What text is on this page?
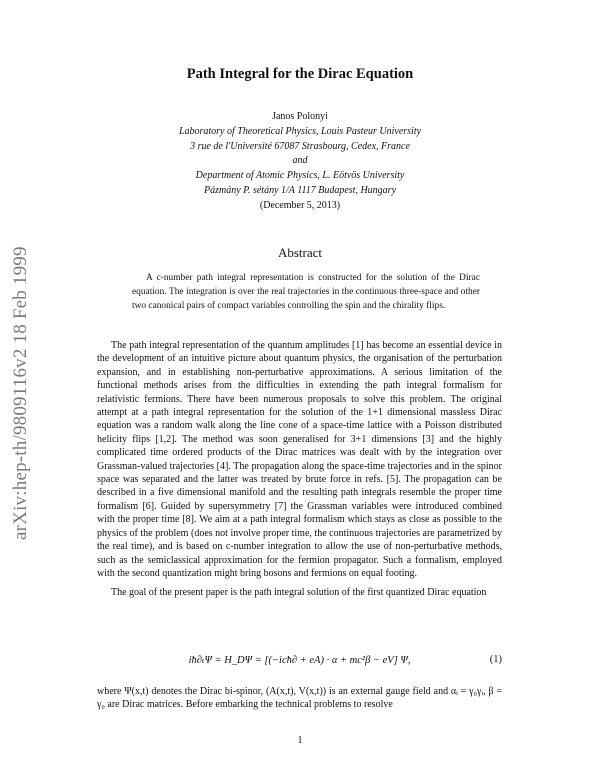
arXiv:hep-th/9809116v2 18 Feb 1999
Path Integral for the Dirac Equation
Janos Polonyi
Laboratory of Theoretical Physics, Louis Pasteur University
3 rue de l'Université 67087 Strasbourg, Cedex, France
and
Department of Atomic Physics, L. Eötvös University
Pázmány P. sétány 1/A 1117 Budapest, Hungary
(December 5, 2013)
Abstract

A c-number path integral representation is constructed for the solution of the Dirac equation. The integration is over the real trajectories in the continuous three-space and other two canonical pairs of compact variables controlling the spin and the chirality flips.

The path integral representation of the quantum amplitudes [1] has become an essential device in the development of an intuitive picture about quantum physics, the organisation of the perturbation expansion, and in establishing non-perturbative approximations. A serious limitation of the functional methods arises from the difficulties in extending the path integral formalism for relativistic fermions. There have been numerous proposals to solve this problem. The original attempt at a path integral representation for the solution of the 1+1 dimensional massless Dirac equation was a random walk along the line cone of a space-time lattice with a Poisson distributed helicity flips [1,2]. The method was soon generalised for 3+1 dimensions [3] and the highly complicated time ordered products of the Dirac matrices was dealt with by the integration over Grassman-valued trajectories [4]. The propagation along the space-time trajectories and in the spinor space was separated and the latter was treated by brute force in refs. [5]. The propagation can be described in a five dimensional manifold and the resulting path integrals resemble the proper time formalism [6]. Guided by supersymmetry [7] the Grassman variables were introduced combined with the proper time [8]. We aim at a path integral formalism which stays as close as possible to the physics of the problem (does not involve proper time, the continuous trajectories are parametrized by the real time), and is based on c-number integration to allow the use of non-perturbative methods, such as the semiclassical approximation for the fermion propagator. Such a formalism, employed with the second quantization might bring bosons and fermions on equal footing.

The goal of the present paper is the path integral solution of the first quantized Dirac equation

iħ∂ₜΨ = H_DΨ = [(−icħ∂ + eA) · α + mc²β − eV] Ψ,	(1)

where Ψ(x,t) denotes the Dirac bi-spinor, (A(x,t), V(x,t)) is an external gauge field and αᵢ = γ₀γᵢ, β = γ₀ are Dirac matrices. Before embarking the technical problems to resolve

1
